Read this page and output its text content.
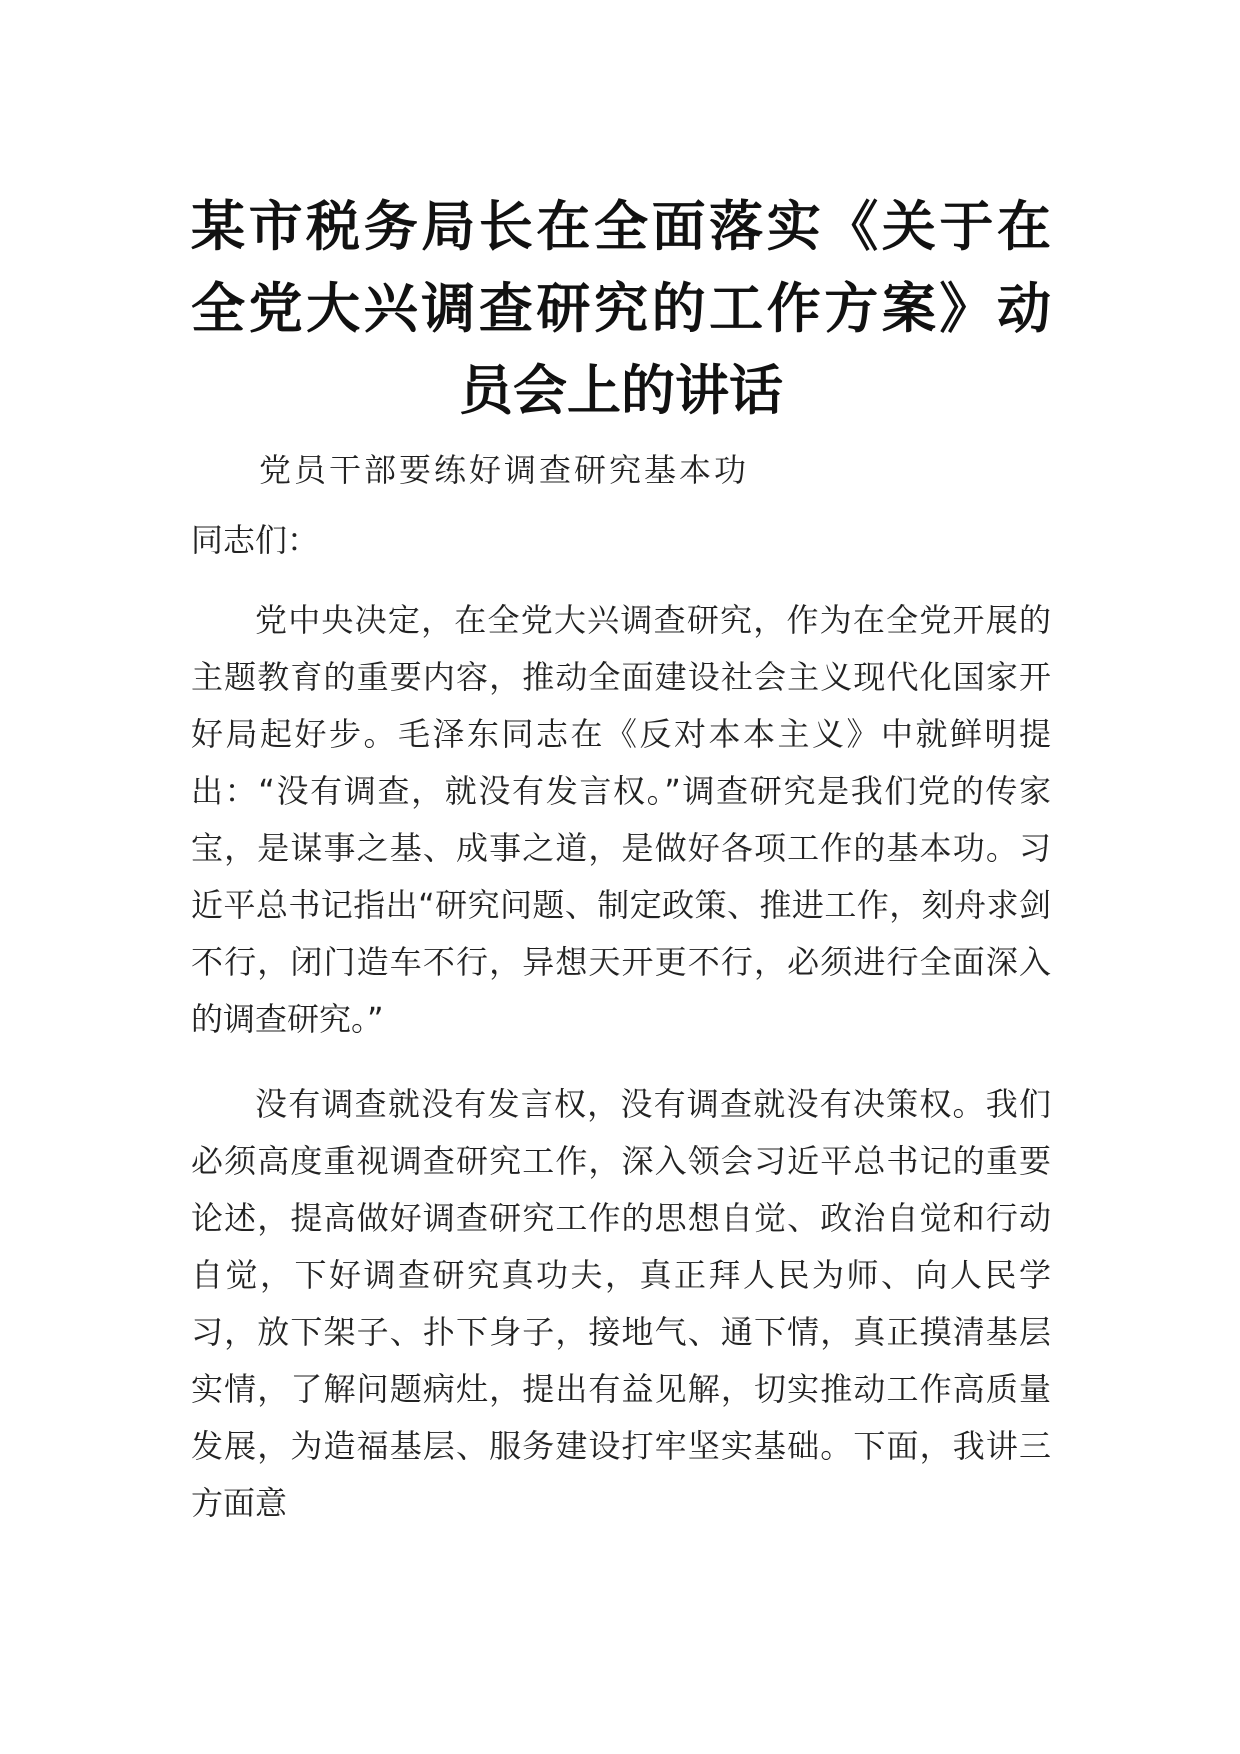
某市税务局长在全面落实《关于在全党大兴调查研究的工作方案》动员会上的讲话
党员干部要练好调查研究基本功
同志们：

党中央决定，在全党大兴调查研究，作为在全党开展的主题教育的重要内容，推动全面建设社会主义现代化国家开好局起好步。毛泽东同志在《反对本本主义》中就鲜明提出：“没有调查，就没有发言权。”调查研究是我们党的传家宝，是谋事之基、成事之道，是做好各项工作的基本功。习近平总书记指出“研究问题、制定政策、推进工作，刻舟求剑不行，闭门造车不行，异想天开更不行，必须进行全面深入的调查研究。”

没有调查就没有发言权，没有调查就没有决策权。我们必须高度重视调查研究工作，深入领会习近平总书记的重要论述，提高做好调查研究工作的思想自觉、政治自觉和行动自觉，下好调查研究真功夫，真正拜人民为师、向人民学习，放下架子、扑下身子，接地气、通下情，真正摸清基层实情，了解问题病灶，提出有益见解，切实推动工作高质量发展，为造福基层、服务建设打牢坚实基础。下面，我讲三方面意
